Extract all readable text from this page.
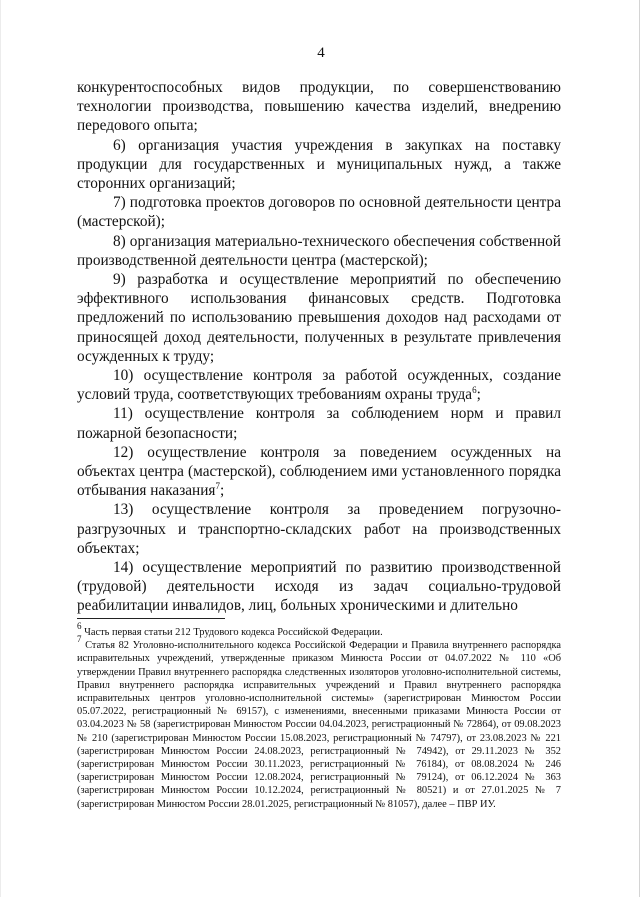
4

конкурентоспособных видов продукции, по совершенствованию технологии производства, повышению качества изделий, внедрению передового опыта;

6) организация участия учреждения в закупках на поставку продукции для государственных и муниципальных нужд, а также сторонних организаций;

7) подготовка проектов договоров по основной деятельности центра (мастерской);

8) организация материально-технического обеспечения собственной производственной деятельности центра (мастерской);

9) разработка и осуществление мероприятий по обеспечению эффективного использования финансовых средств. Подготовка предложений по использованию превышения доходов над расходами от приносящей доход деятельности, полученных в результате привлечения осужденных к труду;

10) осуществление контроля за работой осужденных, создание условий труда, соответствующих требованиям охраны труда$^6$;

11) осуществление контроля за соблюдением норм и правил пожарной безопасности;

12) осуществление контроля за поведением осужденных на объектах центра (мастерской), соблюдением ими установленного порядка отбывания наказания$^7$;

13) осуществление контроля за проведением погрузочно-разгрузочных и транспортно-складских работ на производственных объектах;

14) осуществление мероприятий по развитию производственной (трудовой) деятельности исходя из задач социально-трудовой реабилитации инвалидов, лиц, больных хроническими и длительно

$^6$ Часть первая статьи 212 Трудового кодекса Российской Федерации.

$^7$ Статья 82 Уголовно-исполнительного кодекса Российской Федерации и Правила внутреннего распорядка исправительных учреждений, утвержденные приказом Минюста России от 04.07.2022 № 110 «Об утверждении Правил внутреннего распорядка следственных изоляторов уголовно-исполнительной системы, Правил внутреннего распорядка исправительных учреждений и Правил внутреннего распорядка исправительных центров уголовно-исполнительной системы» (зарегистрирован Минюстом России 05.07.2022, регистрационный № 69157), с изменениями, внесенными приказами Минюста России от 03.04.2023 № 58 (зарегистрирован Минюстом России 04.04.2023, регистрационный № 72864), от 09.08.2023 № 210 (зарегистрирован Минюстом России 15.08.2023, регистрационный № 74797), от 23.08.2023 № 221 (зарегистрирован Минюстом России 24.08.2023, регистрационный № 74942), от 29.11.2023 № 352 (зарегистрирован Минюстом России 30.11.2023, регистрационный № 76184), от 08.08.2024 № 246 (зарегистрирован Минюстом России 12.08.2024, регистрационный № 79124), от 06.12.2024 № 363 (зарегистрирован Минюстом России 10.12.2024, регистрационный № 80521) и от 27.01.2025 № 7 (зарегистрирован Минюстом России 28.01.2025, регистрационный № 81057), далее – ПВР ИУ.
